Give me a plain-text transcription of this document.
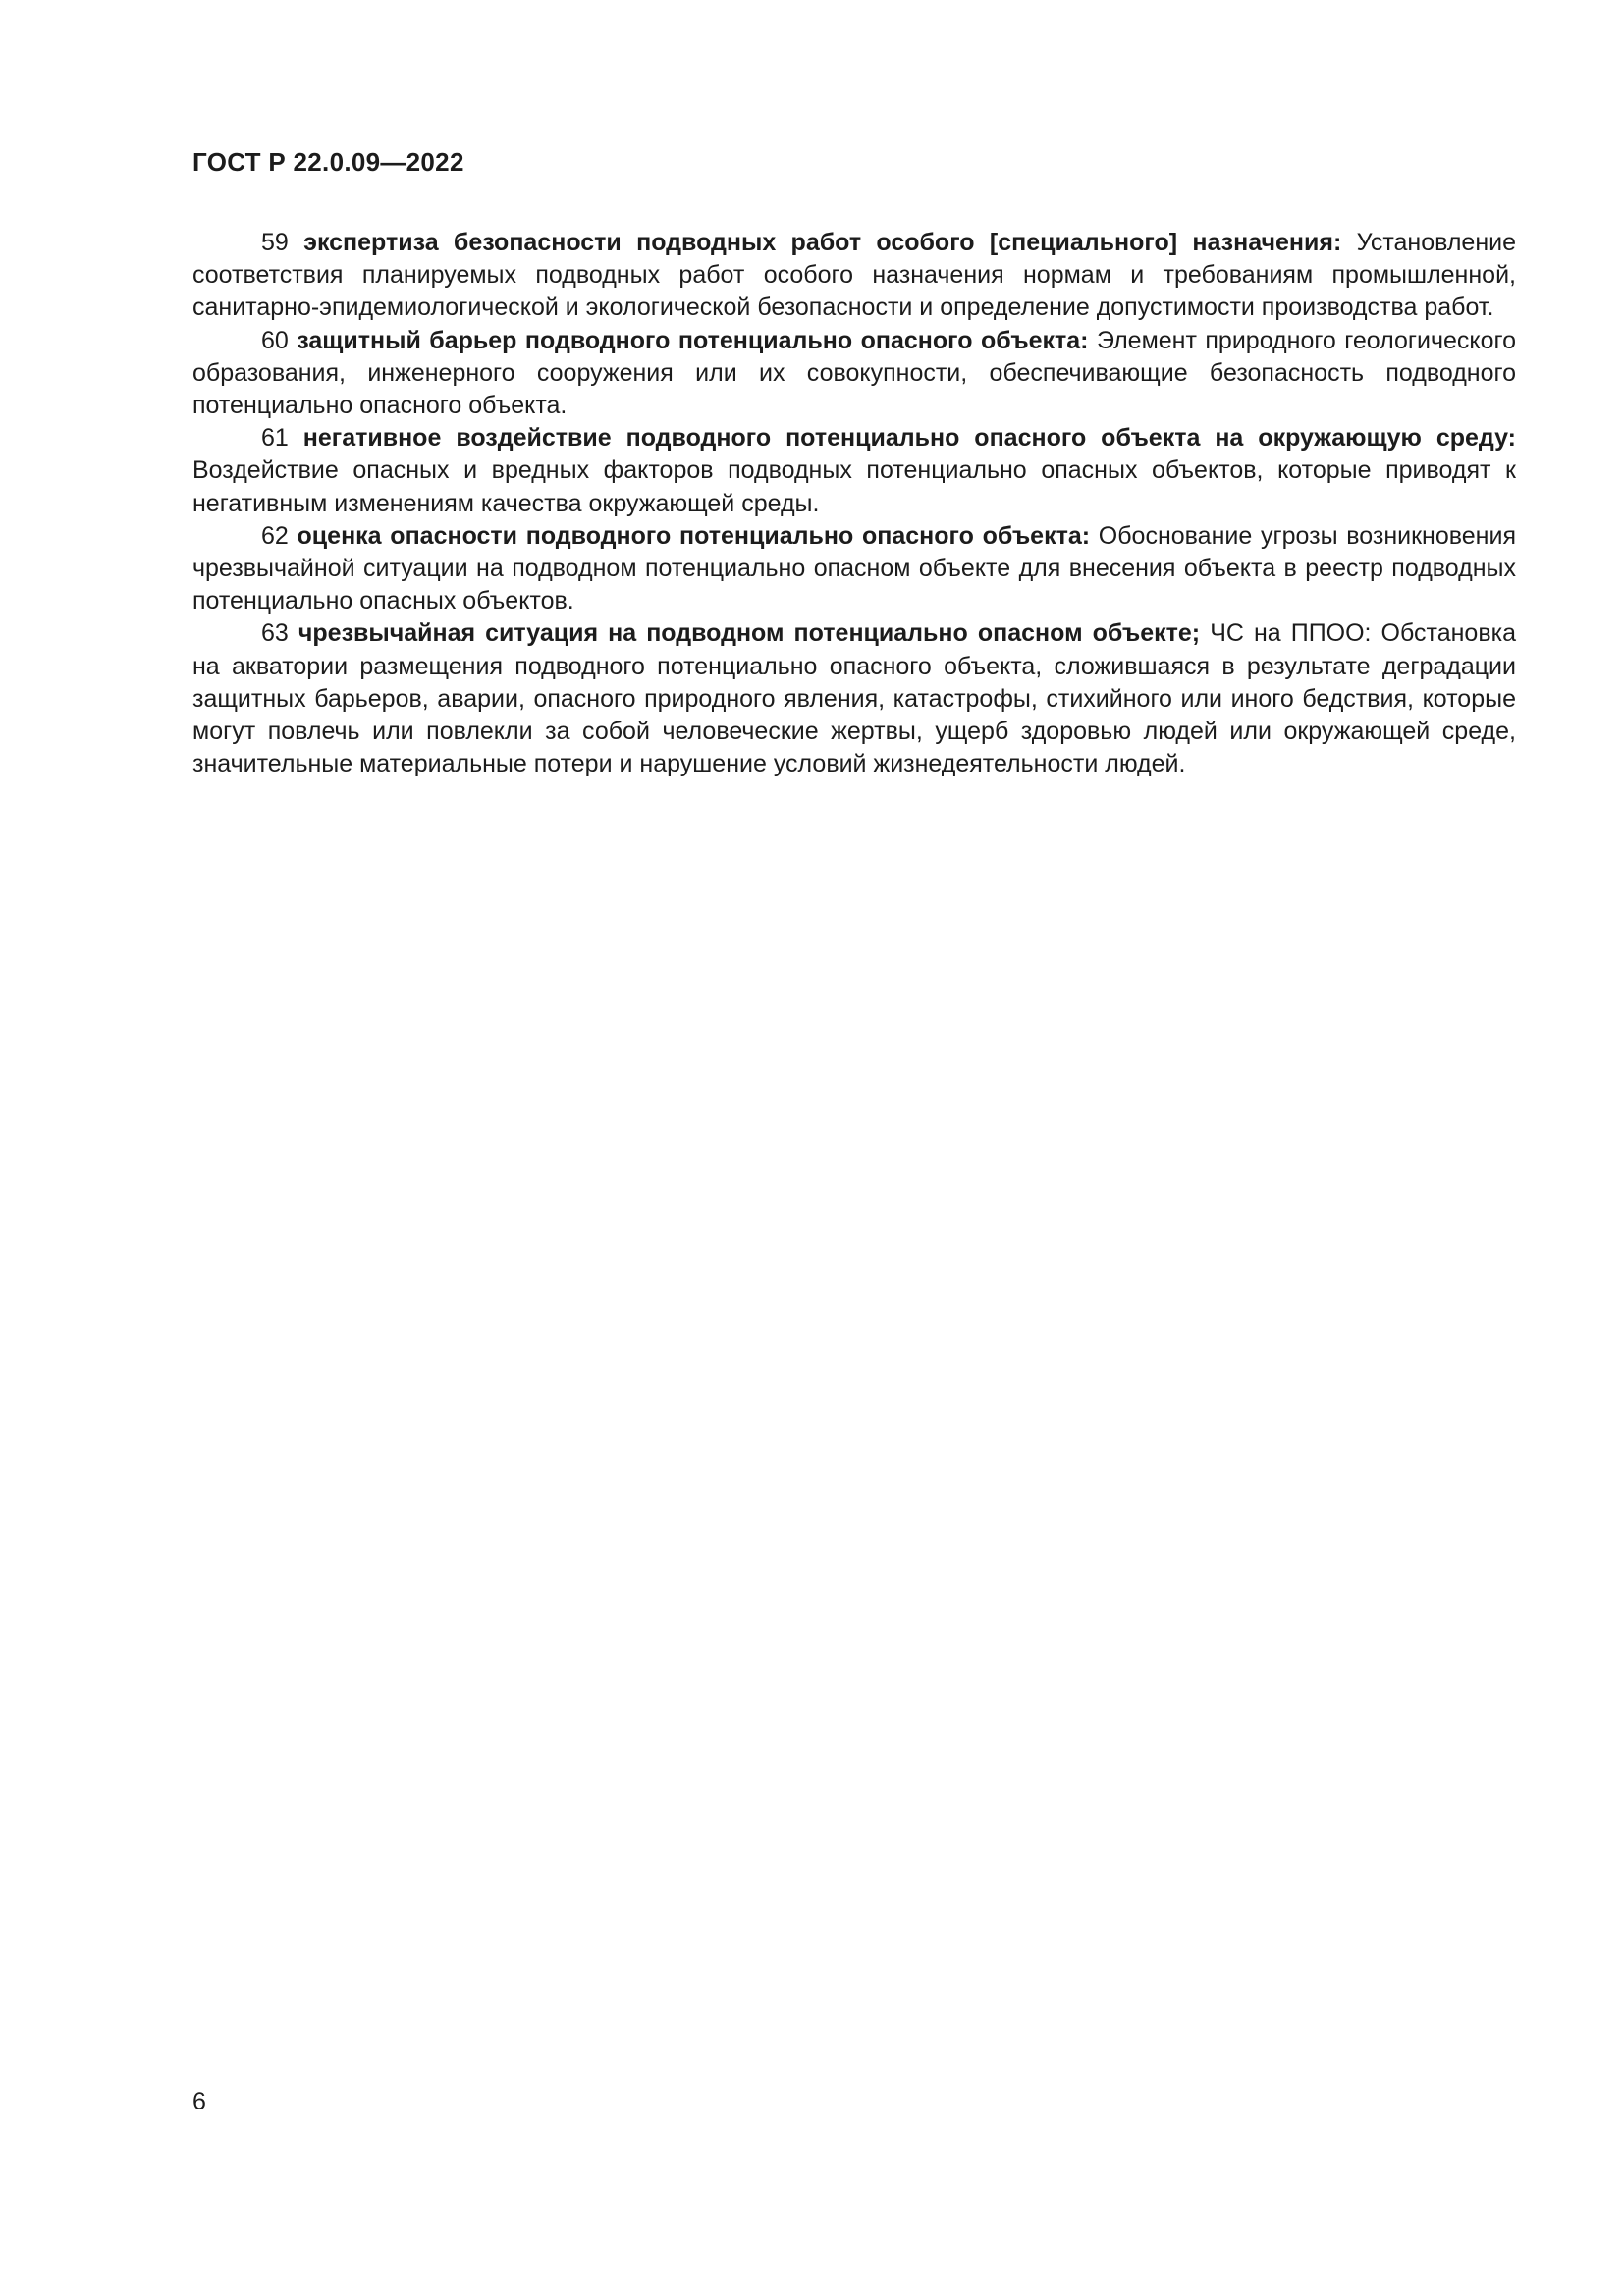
ГОСТ Р 22.0.09—2022

59 экспертиза безопасности подводных работ особого [специального] назначения: Установление соответствия планируемых подводных работ особого назначения нормам и требованиям промышленной, санитарно-эпидемиологической и экологической безопасности и определение допустимости производства работ.

60 защитный барьер подводного потенциально опасного объекта: Элемент природного геологического образования, инженерного сооружения или их совокупности, обеспечивающие безопасность подводного потенциально опасного объекта.

61 негативное воздействие подводного потенциально опасного объекта на окружающую среду: Воздействие опасных и вредных факторов подводных потенциально опасных объектов, которые приводят к негативным изменениям качества окружающей среды.

62 оценка опасности подводного потенциально опасного объекта: Обоснование угрозы возникновения чрезвычайной ситуации на подводном потенциально опасном объекте для внесения объекта в реестр подводных потенциально опасных объектов.

63 чрезвычайная ситуация на подводном потенциально опасном объекте; ЧС на ППОО: Обстановка на акватории размещения подводного потенциально опасного объекта, сложившаяся в результате деградации защитных барьеров, аварии, опасного природного явления, катастрофы, стихийного или иного бедствия, которые могут повлечь или повлекли за собой человеческие жертвы, ущерб здоровью людей или окружающей среде, значительные материальные потери и нарушение условий жизнедеятельности людей.

6
